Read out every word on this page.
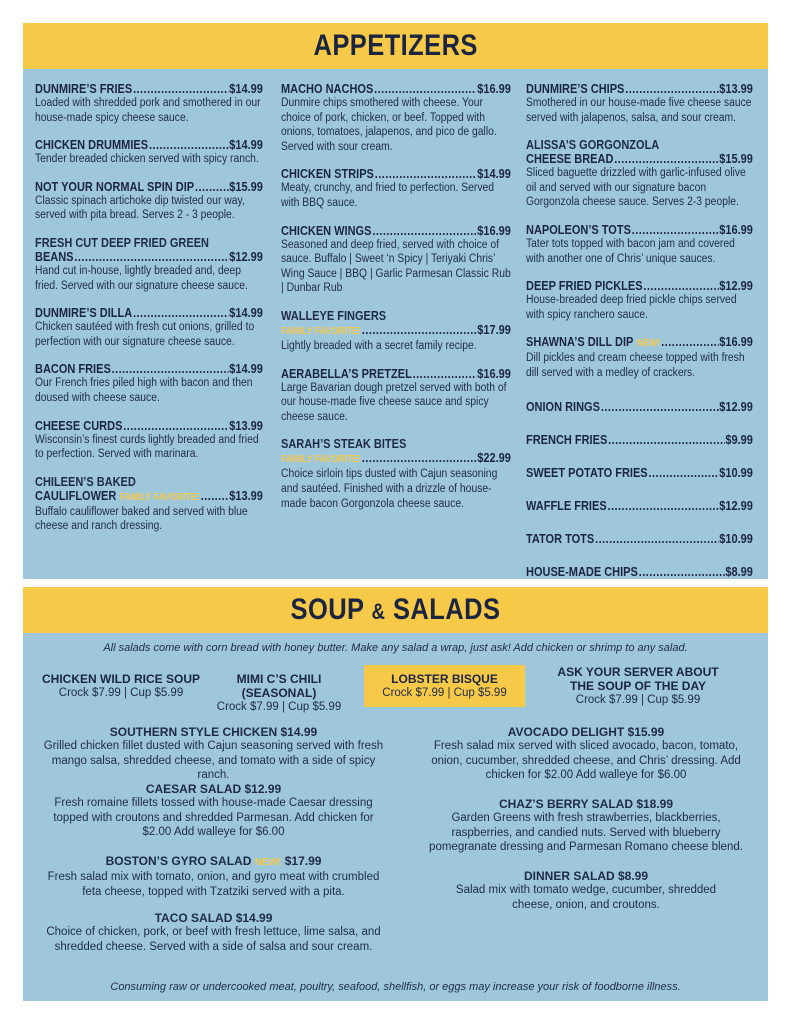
APPETIZERS
DUNMIRE’S FRIES .....	$14.99
Loaded with shredded pork and smothered in our house-made spicy cheese sauce.
CHICKEN DRUMMIES .....	$14.99
Tender breaded chicken served with spicy ranch.
NOT YOUR NORMAL SPIN DIP .....	$15.99
Classic spinach artichoke dip twisted our way, served with pita bread. Serves 2 - 3 people.
FRESH CUT DEEP FRIED GREEN
BEANS .....	$12.99
Hand cut in-house, lightly breaded and, deep fried. Served with our signature cheese sauce.
DUNMIRE’S DILLA .....	$14.99
Chicken sautéed with fresh cut onions, grilled to perfection with our signature cheese sauce.
BACON FRIES .....	$14.99
Our French fries piled high with bacon and then doused with cheese sauce.
CHEESE CURDS .....	$13.99
Wisconsin’s finest curds lightly breaded and fried to perfection. Served with marinara.
CHILEEN’S BAKED
CAULIFLOWER FAMILY FAVORITE! ..... $13.99
Buffalo cauliflower baked and served with blue cheese and ranch dressing.
MACHO NACHOS .....	$16.99
Dunmire chips smothered with cheese. Your choice of pork, chicken, or beef. Topped with onions, tomatoes, jalapenos, and pico de gallo. Served with sour cream.
CHICKEN STRIPS .....	$14.99
Meaty, crunchy, and fried to perfection. Served with BBQ sauce.
CHICKEN WINGS .....	$16.99
Seasoned and deep fried, served with choice of sauce. Buffalo | Sweet ‘n Spicy | Teriyaki Chris’ Wing Sauce | BBQ | Garlic Parmesan Classic Rub | Dunbar Rub
WALLEYE FINGERS
FAMILY FAVORITE! .....	$17.99
Lightly breaded with a secret family recipe.
AERABELLA’S PRETZEL .....	$16.99
Large Bavarian dough pretzel served with both of our house-made five cheese sauce and spicy cheese sauce.
SARAH’S STEAK BITES
FAMILY FAVORITE! .....	$22.99
Choice sirloin tips dusted with Cajun seasoning and sautéed. Finished with a drizzle of house-made bacon Gorgonzola cheese sauce.
DUNMIRE’S CHIPS .....	$13.99
Smothered in our house-made five cheese sauce served with jalapenos, salsa, and sour cream.
ALISSA’S GORGONZOLA
CHEESE BREAD .....	$15.99
Sliced baguette drizzled with garlic-infused olive oil and served with our signature bacon Gorgonzola cheese sauce. Serves 2-3 people.
NAPOLEON’S TOTS .....	$16.99
Tater tots topped with bacon jam and covered with another one of Chris’ unique sauces.
DEEP FRIED PICKLES .....	$12.99
House-breaded deep fried pickle chips served with spicy ranchero sauce.
SHAWNA’S DILL DIP NEW! .....	$16.99
Dill pickles and cream cheese topped with fresh dill served with a medley of crackers.
ONION RINGS .....	$12.99
FRENCH FRIES .....	$9.99
SWEET POTATO FRIES .....	$10.99
WAFFLE FRIES .....	$12.99
TATOR TOTS .....	$10.99
HOUSE-MADE CHIPS .....	$8.99
SOUP & SALADS
All salads come with corn bread with honey butter. Make any salad a wrap, just ask! Add chicken or shrimp to any salad.
CHICKEN WILD RICE SOUP
Crock $7.99 | Cup $5.99
MIMI C’S CHILI (SEASONAL)
Crock $7.99 | Cup $5.99
LOBSTER BISQUE
Crock $7.99 | Cup $5.99
ASK YOUR SERVER ABOUT
THE SOUP OF THE DAY
Crock $7.99 | Cup $5.99
SOUTHERN STYLE CHICKEN $14.99
Grilled chicken fillet dusted with Cajun seasoning served with fresh mango salsa, shredded cheese, and tomato with a side of spicy ranch.
CAESAR SALAD $12.99
Fresh romaine fillets tossed with house-made Caesar dressing topped with croutons and shredded Parmesan. Add chicken for $2.00 Add walleye for $6.00
BOSTON’S GYRO SALAD NEW! $17.99
Fresh salad mix with tomato, onion, and gyro meat with crumbled feta cheese, topped with Tzatziki served with a pita.
TACO SALAD $14.99
Choice of chicken, pork, or beef with fresh lettuce, lime salsa, and shredded cheese. Served with a side of salsa and sour cream.
AVOCADO DELIGHT $15.99
Fresh salad mix served with sliced avocado, bacon, tomato, onion, cucumber, shredded cheese, and Chris’ dressing. Add chicken for $2.00 Add walleye for $6.00
CHAZ’S BERRY SALAD $18.99
Garden Greens with fresh strawberries, blackberries, raspberries, and candied nuts. Served with blueberry pomegranate dressing and Parmesan Romano cheese blend.
DINNER SALAD $8.99
Salad mix with tomato wedge, cucumber, shredded cheese, onion, and croutons.
Consuming raw or undercooked meat, poultry, seafood, shellfish, or eggs may increase your risk of foodborne illness.
